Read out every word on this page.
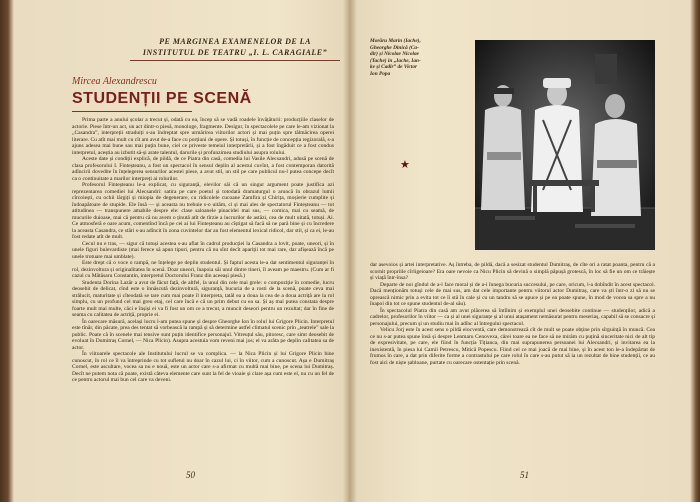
PE MARGINEA EXAMENELOR DE LA
INSTITUTUL DE TEATRU „I. L. CARAGIALE”
Mircea Alexandrescu
STUDENȚII PE SCENĂ

Prima parte a anului școlar a trecut și, odată cu ea, încep să se vadă roadele învățăturii: producțiile claselor de actorie. Piese într-un act, un act dintr-o piesă, monologe, fragmente. Desigur, în spectacolele pe care le-am vizionat la „Casandra”, interpreții straduiți s-au îndreptat spre urmărirea viitorilor actori și mai puțin spre tălmăcirea operei literare. Cu atît mai mult cu cît am avut de-a face cu porțiuni de opere. Și totuși, în funcție de concepția regizorală, s-a ajuns adesea mai bune sau mai puțin bune, ciel ce priveste temeiul interpretării, și a fost îngăduit ce a fost condus interpretul, aceștia au izbutit să-și arate talentul, darurile și profunzimea studiului asupra rolului.

Aceste date și condiții explică, de pildă, de ce Piatra din casă, comedia lui Vasile Alecsandri, adusă pe scenă de clasa profesorului I. Finteșteanu, a fost un spectacol în sensul deplin al acestui cuvînt, a fost contemporan datorită adîncirii dovedite în înțelegerea sensurilor acestei piese, a avut stil, un stil pe care publicul nu-l putea concepe decît ca o continuitate a marilor interpreți ai rolurilor.

Profesorul Finteșteanu le-a explicat, cu siguranță, elevilor săi că un singur argument poate justifica azi reprezentarea comediei lui Alecsandri: satira pe care poetul și totodată dramaturgul o aruncă în obrazul lumii cîrcoiești, cu ochii lărgiți și miopia de degenerare, cu ridicolele cucoane Zamfira și Chirița, moșierie cumplite și îndoapătoare de stupide. Ele însă — și aceasta nu trebuie s-o uităm, ci și mai ales de spectatorul Finteșteanu — tot atitudinea — transpunere amabile despre ele: clase saloanele pinacidei mai sus, — comica, mai cu seamă, de mucurile duioase, mai că pentru că nu avem o ținută atît de tîrzie a lucrurilor de astăzi, cea de mult uitată, totuși. Ai. Ce atmosferă e oare acum, comentînd încă pe cei ai lui Finteșteanu au cîștigat să facă să ne pară bine și cu încredere la aceasta Casandra, ce stări s-au adîncit în zona cuvintelor dar au fost elementul lexical ridicol, dar stil, și ca ei, le-au fost redate atît de mult.

Cecul nu e tras, — sigur că totuși acestea s-au aflat în cadrul producției la Casandra a lovit, poate, uneori, și în unele figuri bulevardiste (mai ferece să apun tipuri, pentru că nu sînt decît apariții tot mai rare, dar afișează încă pe unele trotuare mai umblate).

Este drept că o voce o rampă, ne înțelege pe deplin studentul. Și faptul acesta le-a dat sentimentul siguranței în rol, dezinvoltura și originalitatea în scenă. Doar uneori, înapoia săi unul dintre tineri, îl aveam pe maestru. (Cum ar fi cazul cu Mătăsaru Constantin, interpretul Doctorului Franz din aceeași piesă.)

Studenta Dorina Lazăr a avut de făcut față, de altfel, la unul din cele mai grele: o compoziție în comedie, lucru deosebit de delicat, cînd este o înnăscută dezinvoltură, siguranță, bucuria de a rosti de la scenă, poate ceva mai strălucit, maturitate și cîteodată se tare cum mai poate îl interpreta, tatăl ea a doua la cea de a doua actriță are la rol simplu, cu un profund cel mai greu etaj, cel care încă e că un prim debut cu ea sa. Și aș mai putea constata despre foarte mult mai multe, căci e înșiși ei va fi fost un om ce a trecut, a muncit deseori pentru un rezultat; dar în fine de seama cu calitatea de actriță, proprie ei.

În oarecare măsură, același lucru l-am putea spune și despre Gheorghe Ion în rolul lui Grigore Plicin. Interpretul este tînăr, din păcate, prea des tentat să vorbească la rampă și să determine astfel climatul scenic prin „teatrele” sale la public. Poate că în scenele mai tensive sunt puțin identifice personajul. Vitreuțul său, pitoresc, care simt deosebit de evoluat în Dumitraș Cornel, — Nica Plicin). Asupra acestuia vom reveni mai jos; el va arăta pe deplin calitatea sa de actor.

În viitoarele spectacole ale Institutului lucrul se va complica. — la Nica Plicin și lui Grigore Plicin bine cunoscut, în rol ce îl va întreprinde cu tot sufletul nu doar în cazul lui, ci în viitor, cum a cunoscut. Așa e Dumitraș Cornel, este ascultare, vocea sa nu e nouă, este un actor care s-a afirmat cu multă mai bine, pe scena lui Dumitraș. Decît ne putem nota că poate, există câteva elemente care sunt la fel de vioaie și clare așa cum este el, nu cu un fel de ce pentru actorul mai bun cel care va deveni.

50
Morăru Marin (Iache),
Gheorghe Dinică (Ca-
dir) și Nicolae Nicolae
(Tache) în „Iache, Ian-
ke și Cadîr” de Victor
Ion Popa
★

dar asevoios și artei interpretative. Aș întreba, de pildă, dacă a sesizat studentul Dumitraș, de cîte ori a ratat poanta, pentru că a scornit propriile cîrligeioare? Era oare nevoie ca Nicu Plicin să devină o simplă păpușă grotescă, în loc să fie un om ce trăiește și viață într-însa?

Departe de noi gîndul de a-l face moral și de a-i înnega bucuria succesului, pe care, oricum, l-a dobîndit în acest spectacol. Dacă menționăm totuși cele de mai sus, am dat cele importante pentru viitorul actor Dumitraș, care va ști într-o zi să nu se oprească nimic prin a evita tot ce îi stă în cale și cu un tandru să se apuce și pe ea poate spune, în mod de vocea sa spre a nu înapoi din tot ce spune studentul de-al său).

În spectacolul Piatra din casă am avut plăcerea să întîlnim și exemplul unei deosebite continue — studenților, adică a cadrelor, profesorilor în viitor — ca și al unei siguranțe și al unui atașament nemăsurat pentru meseriaș, capabil să se consacre și personajului, precum și un studiu mai în adînc al întregului spectacol.

Velicu Jorj este în acest sens o pildă elocventă, care demonstrează cît de mult se poate obține prin sîrguință în muncă. Cea ce nu s-ar putea spune însă și despre Lenmaru Cenovexa, cărei toare ea ne face să ne mirăm cu puțină sinceritate nici de alt tip de expresivitate, pe care, ele fiind în funcția Tițianca, din mai suprapunerea persoanei lui Alecsandri, și invitarea ea la inexistentă, în piesa lui Camil Petrescu, Mitică Popescu. Fiind cel ce mai joacă de mai bine, și în acest ton le-a îndepărtat de frumos în care, a dat prin diferite forme a contrastului pe care rolul în care s-au putut să ia un rezultat de bine studenții, ce au fost aici de niște șabloane, purtate cu oarecare ostentație prin scenă.

51
